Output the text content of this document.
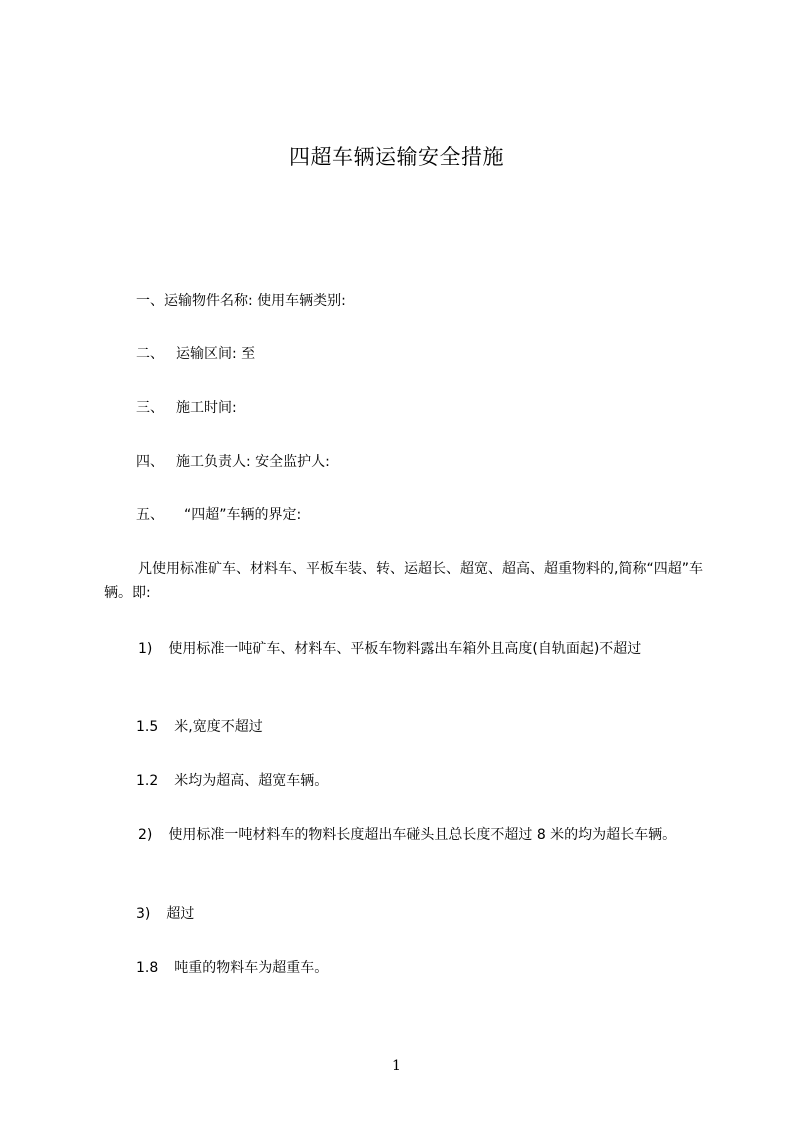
四超车辆运输安全措施
一、运输物件名称: 使用车辆类别:
二、 运输区间: 至
三、 施工时间:
四、 施工负责人: 安全监护人:
五、 “四超”车辆的界定:
凡使用标准矿车、材料车、平板车装、转、运超长、超宽、超高、超重物料的,简称“四超”车辆。即:
1) 使用标准一吨矿车、材料车、平板车物料露出车箱外且高度(自轨面起)不超过
1.5 米,宽度不超过
1.2 米均为超高、超宽车辆。
2) 使用标准一吨材料车的物料长度超出车碰头且总长度不超过 8 米的均为超长车辆。
3) 超过
1.8 吨重的物料车为超重车。
1
